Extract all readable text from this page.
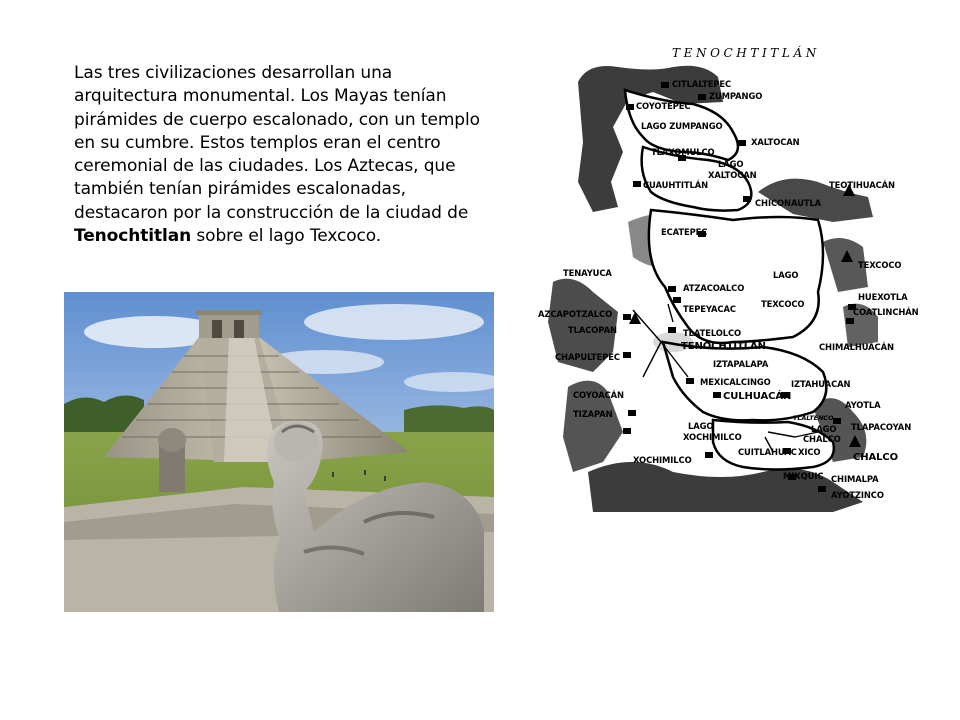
Las tres civilizaciones desarrollan una arquitectura monumental. Los Mayas tenían pirámides de cuerpo escalonado, con un templo en su cumbre. Estos templos eran el centro ceremonial de las ciudades. Los Aztecas, que también tenían pirámides escalonadas, destacaron por la construcción de la ciudad de Tenochtitlan sobre el lago Texcoco.
TENOCHTITLÁN
CITLALTEPEC
ZUMPANGO
COYOTEPEC
LAGO ZUMPANGO
XALTOCAN
TLAXOMULCO
LAGO
XALTOCAN
CUAUHTITLÁN	TEOTIHUACÁN
CHICONAUTLA
ECATEPEC
TENAYUCA
ATZACOALCO
LAGO
TEXCOCO
TEPEYACAC	TEXCOCO
HUEXOTLA
AZCAPOTZALCO	COATLINCHÁN
TLACOPAN	TLATELOLCO
TENOCHTITLÁN	CHIMALHUACÁN
CHAPULTEPEC
IZTAPALAPA
MEXICALCINGO IZTAHUACAN
COYOACÁN	CULHUACÁN
AYOTLA
TIZAPAN	TLALTENCO
LAGO TLAPACOYAN
LAGO
CHALCO
XOCHIMILCO
XICO	CHALCO
CUITLAHUAC
XOCHIMILCO
MIXQUIC CHIMALPA
AYOTZINCO
